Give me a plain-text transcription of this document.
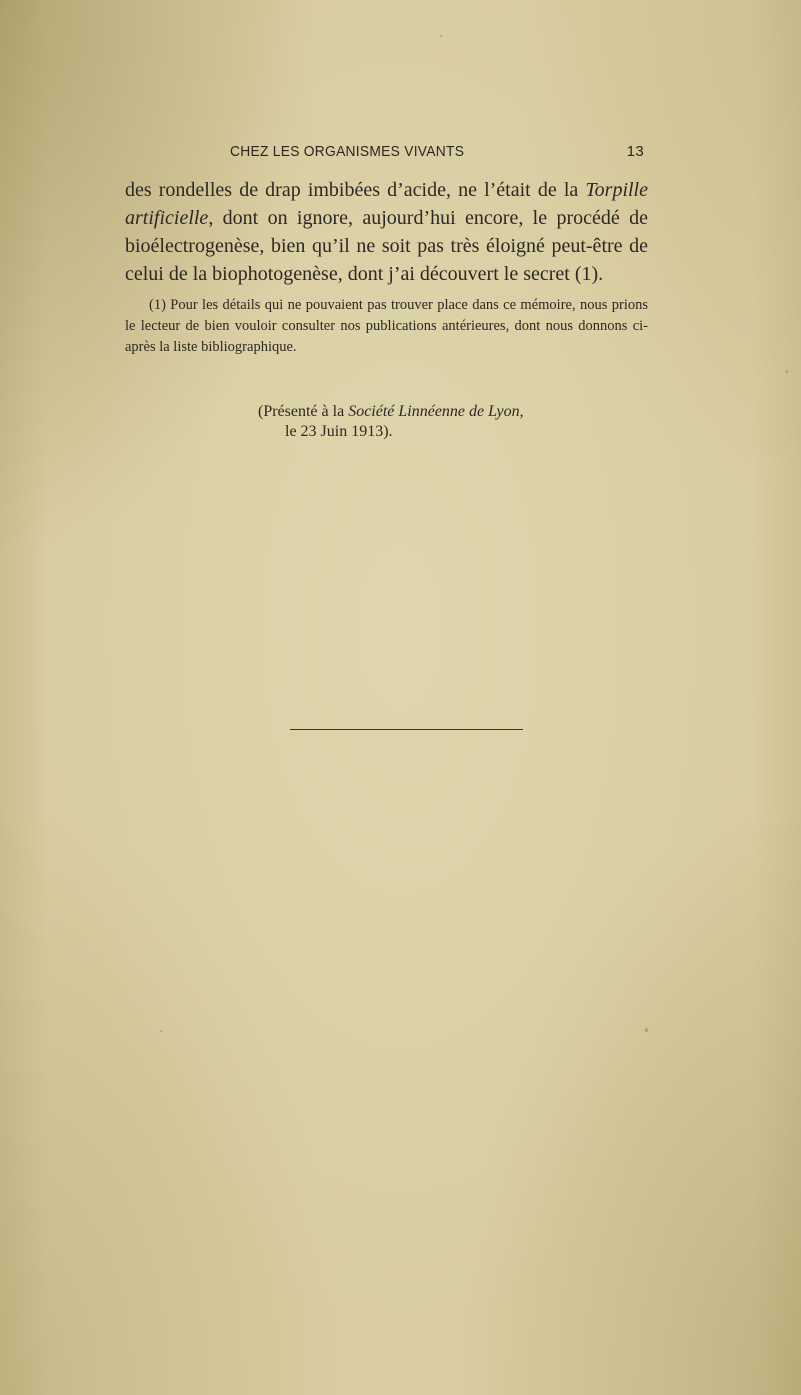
CHEZ LES ORGANISMES VIVANTS	13

des rondelles de drap imbibées d’acide, ne l’était de la Torpille artificielle, dont on ignore, aujourd’hui encore, le procédé de bioélectrogenèse, bien qu’il ne soit pas très éloigné peut-être de celui de la biophotogenèse, dont j’ai découvert le secret (1).

(1) Pour les détails qui ne pouvaient pas trouver place dans ce mémoire, nous prions le lecteur de bien vouloir consulter nos publications antérieures, dont nous donnons ci-après la liste bibliographique.

(Présenté à la Société Linnéenne de Lyon,
le 23 Juin 1913).
